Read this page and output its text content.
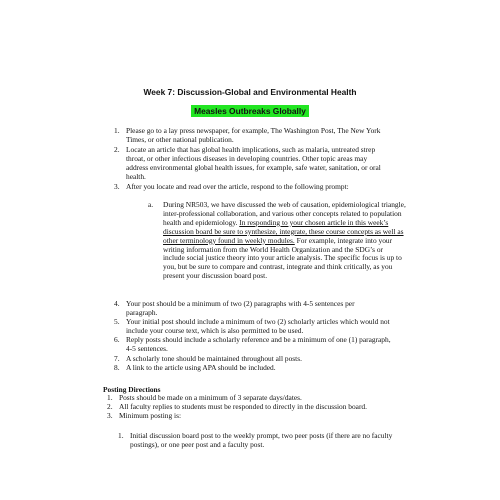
Week 7: Discussion-Global and Environmental Health
Measles Outbreaks Globally
1. Please go to a lay press newspaper, for example, The Washington Post, The New York
Times, or other national publication.
2. Locate an article that has global health implications, such as malaria, untreated strep
throat, or other infectious diseases in developing countries. Other topic areas may
address environmental global health issues, for example, safe water, sanitation, or oral
health.
3. After you locate and read over the article, respond to the following prompt:
a. During NR503, we have discussed the web of causation, epidemiological triangle,
inter-professional collaboration, and various other concepts related to population
health and epidemiology. In responding to your chosen article in this week’s
discussion board be sure to synthesize, integrate, these course concepts as well as
other terminology found in weekly modules. For example, integrate into your
writing information from the World Health Organization and the SDG’s or
include social justice theory into your article analysis. The specific focus is up to
you, but be sure to compare and contrast, integrate and think critically, as you
present your discussion board post.
4. Your post should be a minimum of two (2) paragraphs with 4-5 sentences per
paragraph.
5. Your initial post should include a minimum of two (2) scholarly articles which would not
include your course text, which is also permitted to be used.
6. Reply posts should include a scholarly reference and be a minimum of one (1) paragraph,
4-5 sentences.
7. A scholarly tone should be maintained throughout all posts.
8. A link to the article using APA should be included.
Posting Directions
1. Posts should be made on a minimum of 3 separate days/dates.
2. All faculty replies to students must be responded to directly in the discussion board.
3. Minimum posting is:
1. Initial discussion board post to the weekly prompt, two peer posts (if there are no faculty
postings), or one peer post and a faculty post.
